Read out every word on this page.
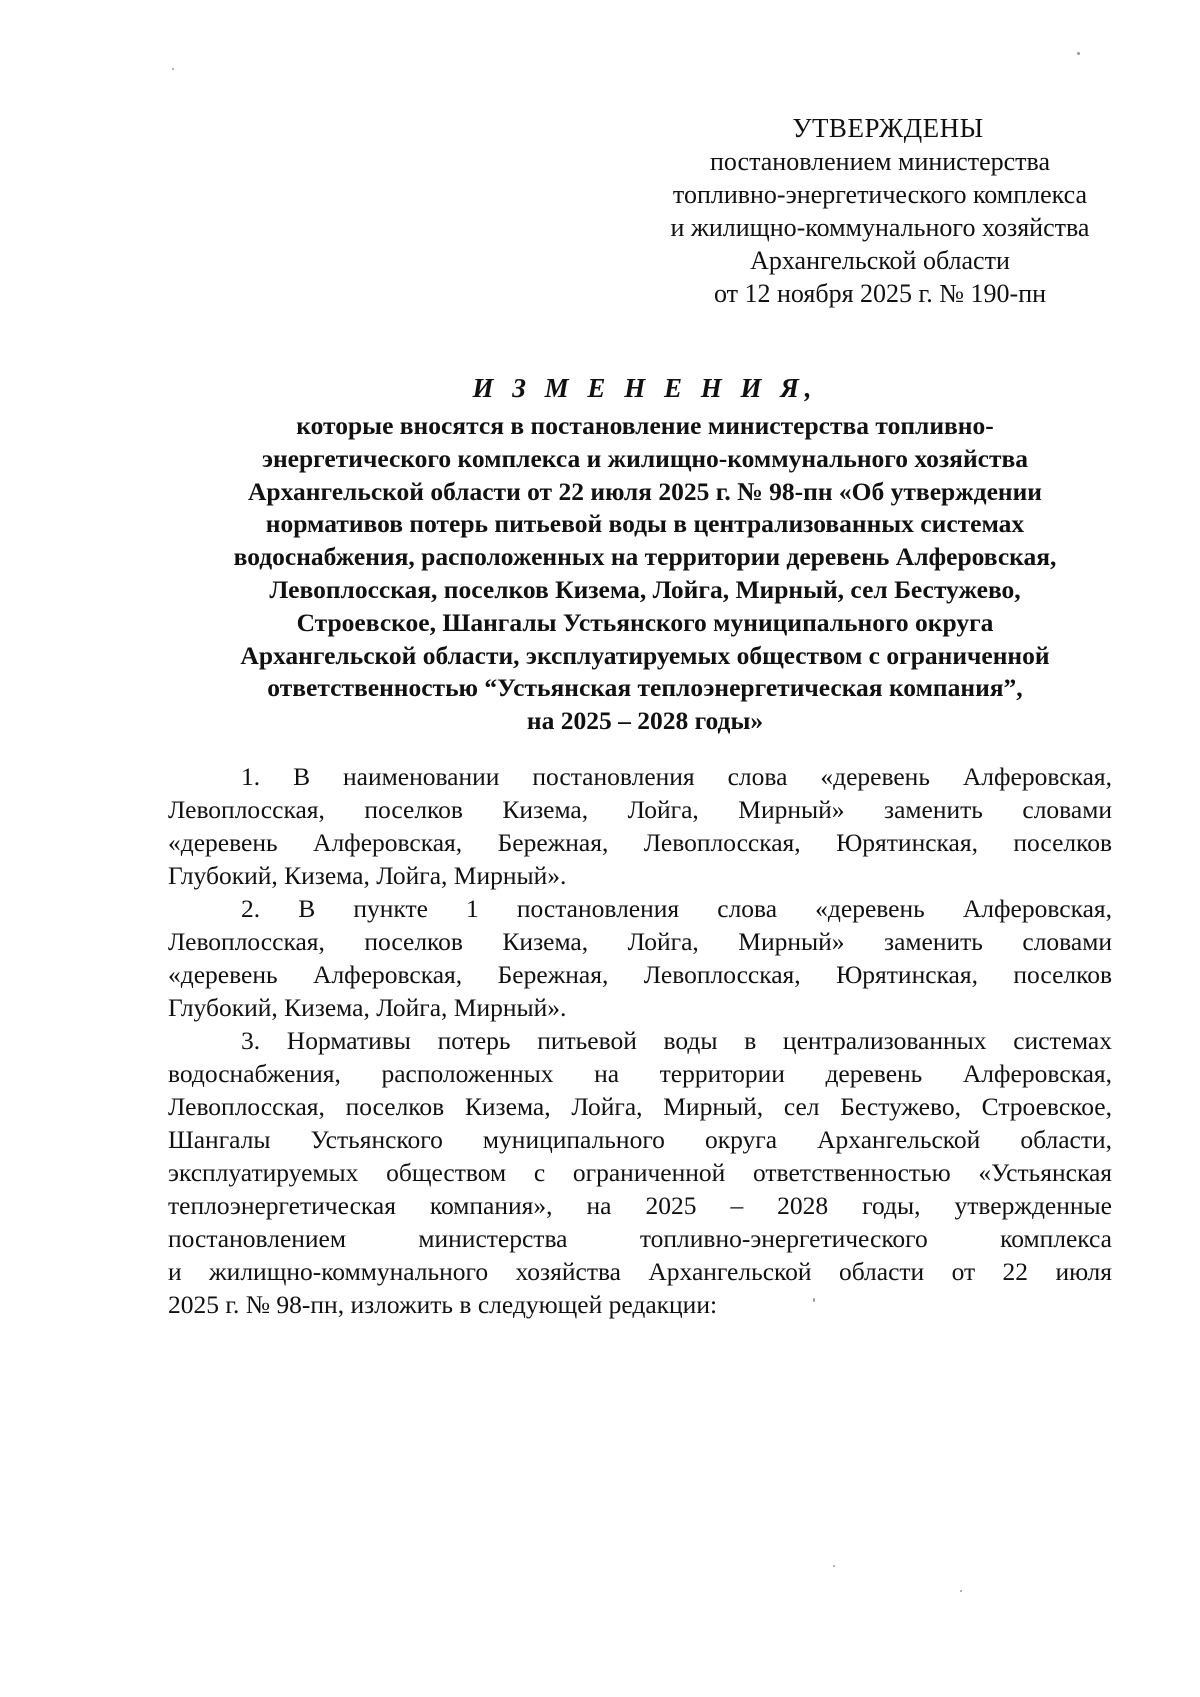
УТВЕРЖДЕНЫ
постановлением министерства
топливно-энергетического комплекса
и жилищно-коммунального хозяйства
Архангельской области
от 12 ноября 2025 г. № 190-пн
И З М Е Н Е Н И Я,
которые вносятся в постановление министерства топливно-
энергетического комплекса и жилищно-коммунального хозяйства
Архангельской области от 22 июля 2025 г. № 98-пн «Об утверждении
нормативов потерь питьевой воды в централизованных системах
водоснабжения, расположенных на территории деревень Алферовская,
Левоплосская, поселков Кизема, Лойга, Мирный, сел Бестужево,
Строевское, Шангалы Устьянского муниципального округа
Архангельской области, эксплуатируемых обществом с ограниченной
ответственностью “Устьянская теплоэнергетическая компания”,
на 2025 – 2028 годы»
1. В наименовании постановления слова «деревень Алферовская,
Левоплосская, поселков Кизема, Лойга, Мирный» заменить словами
«деревень Алферовская, Бережная, Левоплосская, Юрятинская, поселков
Глубокий, Кизема, Лойга, Мирный».
2. В пункте 1 постановления слова «деревень Алферовская,
Левоплосская, поселков Кизема, Лойга, Мирный» заменить словами
«деревень Алферовская, Бережная, Левоплосская, Юрятинская, поселков
Глубокий, Кизема, Лойга, Мирный».
3. Нормативы потерь питьевой воды в централизованных системах
водоснабжения, расположенных на территории деревень Алферовская,
Левоплосская, поселков Кизема, Лойга, Мирный, сел Бестужево, Строевское,
Шангалы Устьянского муниципального округа Архангельской области,
эксплуатируемых обществом с ограниченной ответственностью «Устьянская
теплоэнергетическая компания», на 2025 – 2028 годы, утвержденные
постановлением министерства топливно-энергетического комплекса
и жилищно-коммунального хозяйства Архангельской области от 22 июля
2025 г. № 98-пн, изложить в следующей редакции:
